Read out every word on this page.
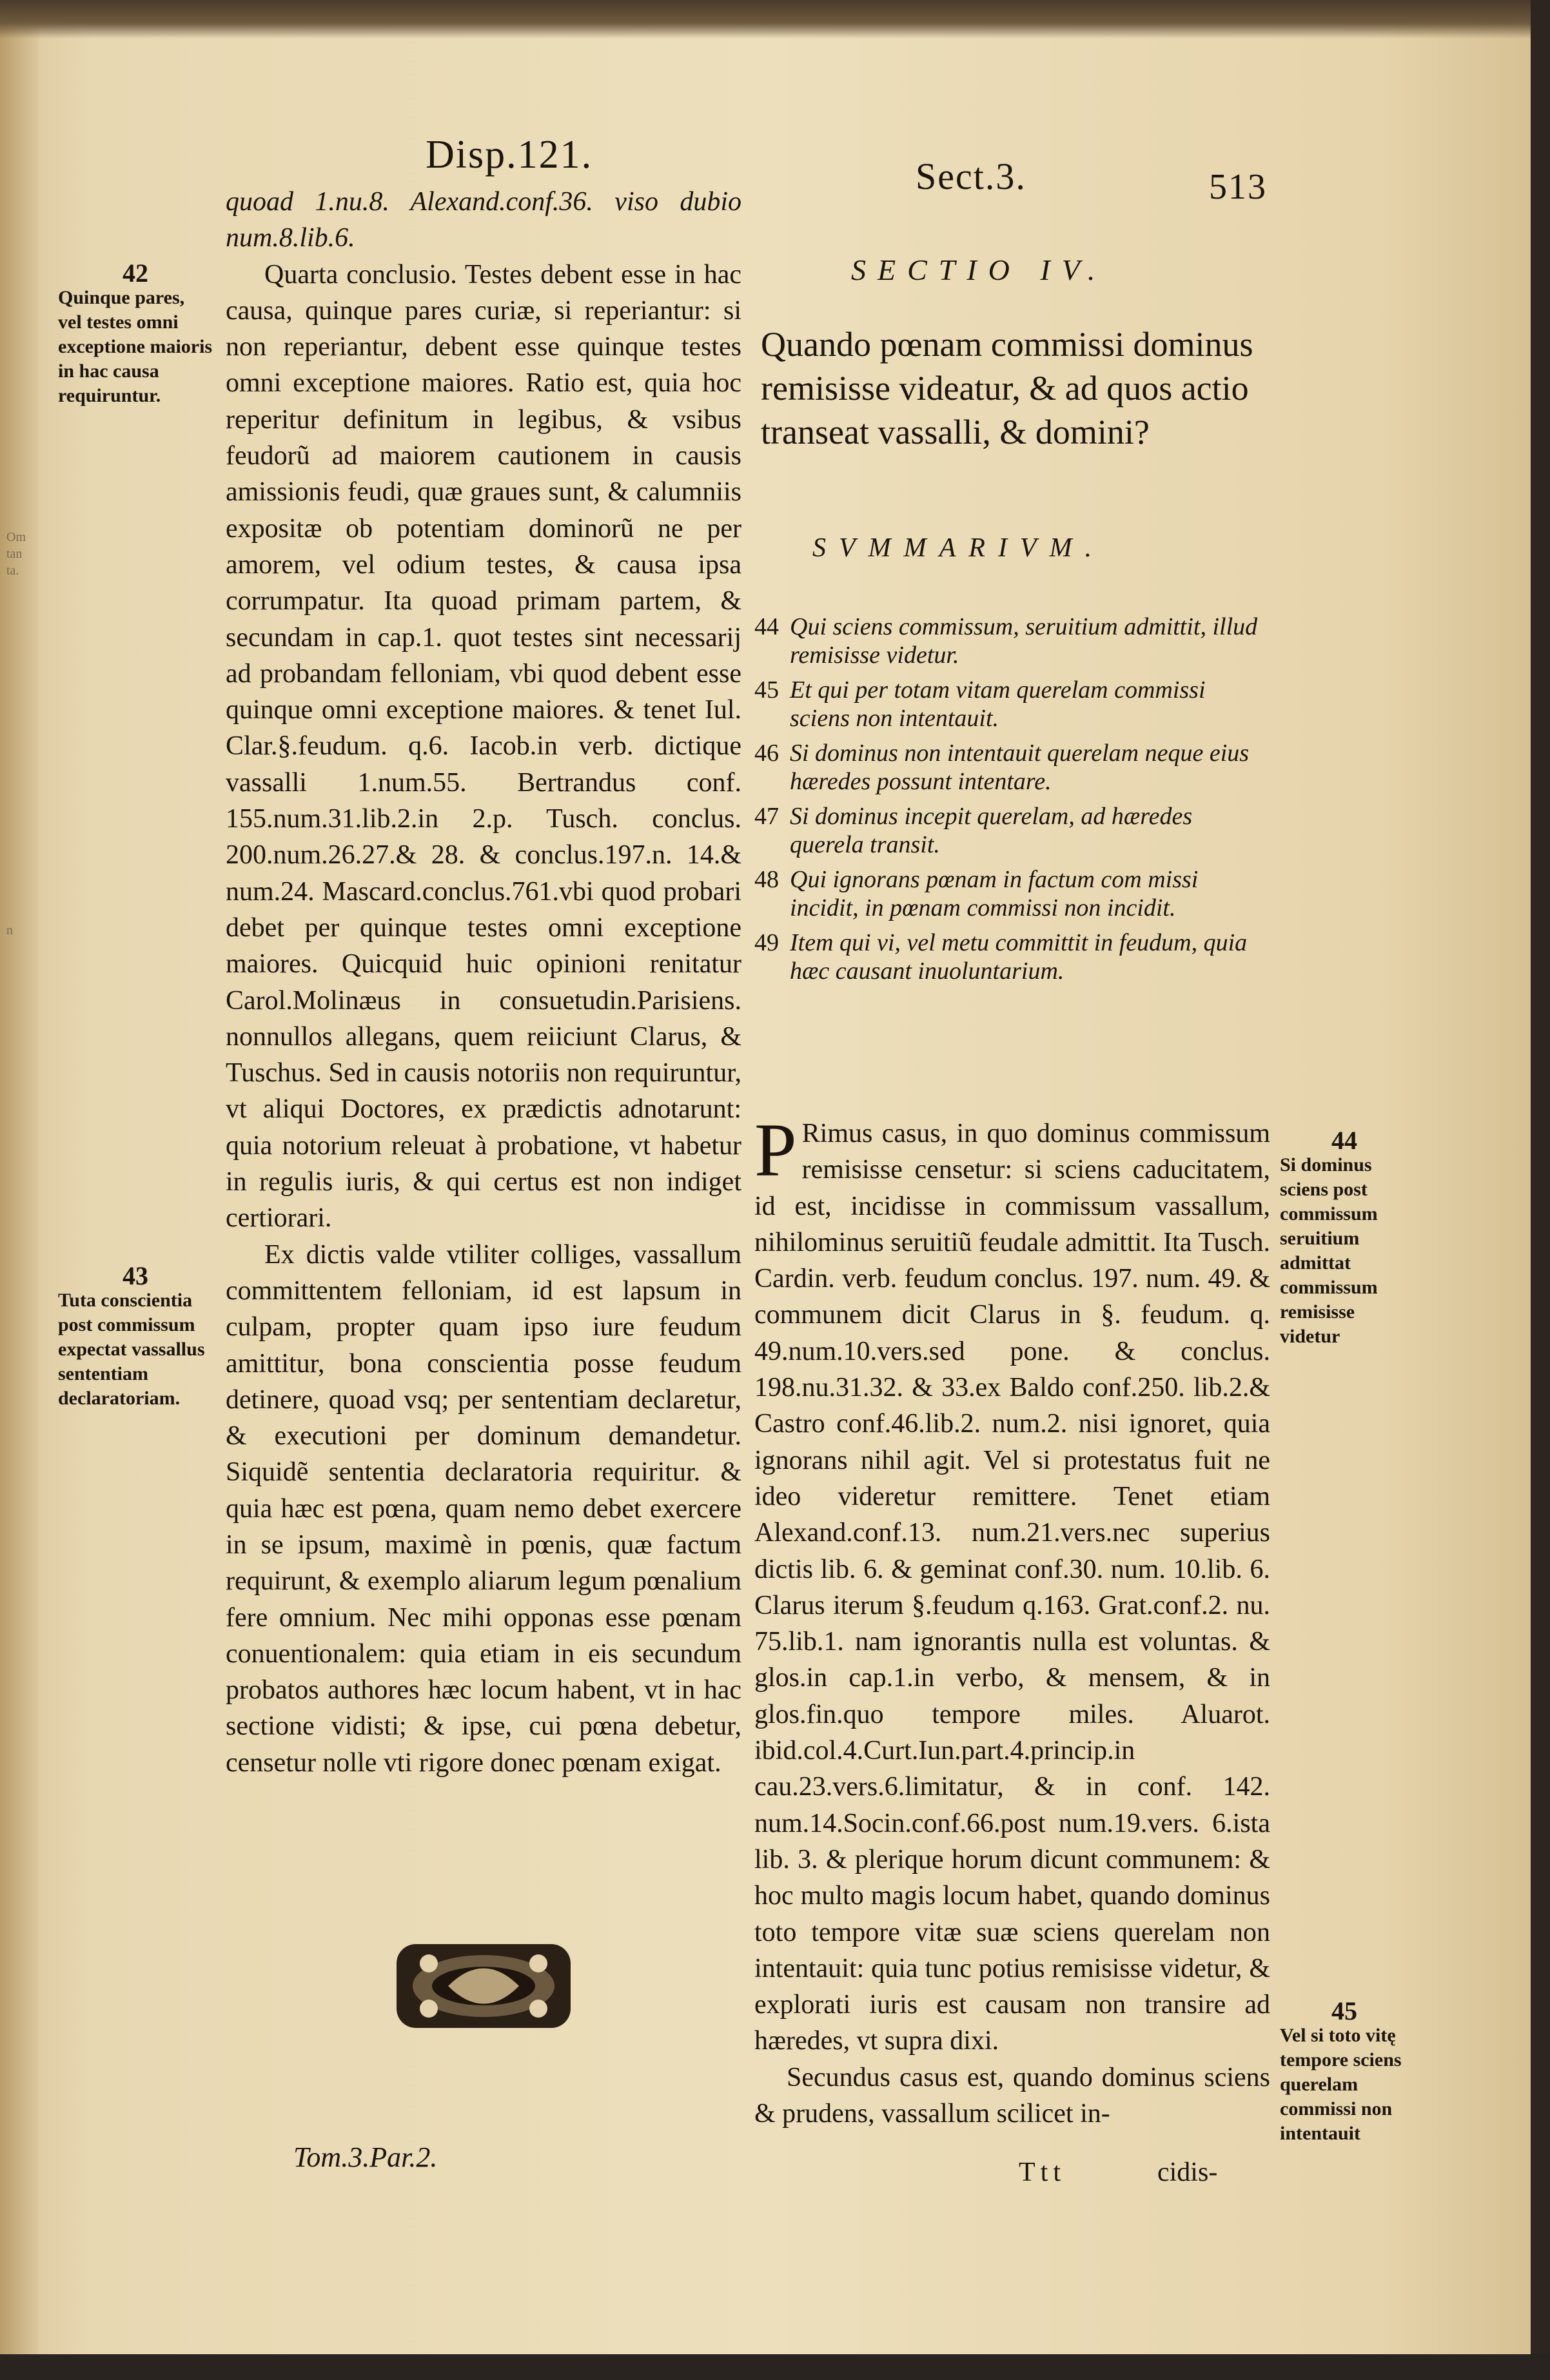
Om tan ta.
n
Disp.121.	Sect.3.	513
42
Quinque pares, vel testes omni exceptione maioris in hac causa requiruntur.
43
Tuta conscientia post commissum expectat vassallus sententiam declaratoriam.

quoad 1.nu.8. Alexand.conf.36. viso dubio num.8.lib.6.

Quarta conclusio. Testes debent esse in hac causa, quinque pares curiæ, si reperiantur: si non reperiantur, debent esse quinque testes omni exceptione maiores. Ratio est, quia hoc reperitur definitum in legibus, & vsibus feudorũ ad maiorem cautionem in causis amissionis feudi, quæ graues sunt, & calumniis expositæ ob potentiam dominorũ ne per amorem, vel odium testes, & causa ipsa corrumpatur. Ita quoad primam partem, & secundam in cap.1. quot testes sint necessarij ad probandam felloniam, vbi quod debent esse quinque omni exceptione maiores. & tenet Iul. Clar.§.feudum. q.6. Iacob.in verb. dictique vassalli 1.num.55. Bertrandus conf. 155.num.31.lib.2.in 2.p. Tusch. conclus. 200.num.26.27.& 28. & conclus.197.n. 14.& num.24. Mascard.conclus.761.vbi quod probari debet per quinque testes omni exceptione maiores. Quicquid huic opinioni renitatur Carol.Molinæus in consuetudin.Parisiens. nonnullos allegans, quem reiiciunt Clarus, & Tuschus. Sed in causis notoriis non requiruntur, vt aliqui Doctores, ex prædictis adnotarunt: quia notorium releuat à probatione, vt habetur in regulis iuris, & qui certus est non indiget certiorari.

Ex dictis valde vtiliter colliges, vassallum committentem felloniam, id est lapsum in culpam, propter quam ipso iure feudum amittitur, bona conscientia posse feudum detinere, quoad vsq; per sententiam declaretur, & executioni per dominum demandetur. Siquidẽ sententia declaratoria requiritur. & quia hæc est pœna, quam nemo debet exercere in se ipsum, maximè in pœnis, quæ factum requirunt, & exemplo aliarum legum pœnalium fere omnium. Nec mihi opponas esse pœnam conuentionalem: quia etiam in eis secundum probatos authores hæc locum habent, vt in hac sectione vidisti; & ipse, cui pœna debetur, censetur nolle vti rigore donec pœnam exigat.

SECTIO IV.
Quando pœnam commissi dominus remisisse videatur, & ad quos actio transeat vassalli, & domini?
SVMMARIVM.
44 Qui sciens commissum, seruitium admittit, illud remisisse videtur.
45 Et qui per totam vitam querelam commissi sciens non intentauit.
46 Si dominus non intentauit querelam neque eius hæredes possunt intentare.
47 Si dominus incepit querelam, ad hæredes querela transit.
48 Qui ignorans pœnam in factum com missi incidit, in pœnam commissi non incidit.
49 Item qui vi, vel metu committit in feudum, quia hæc causant inuoluntarium.

P Rimus casus, in quo dominus commissum remisisse censetur: si sciens caducitatem, id est, incidisse in commissum vassallum, nihilominus seruitiũ feudale admittit. Ita Tusch. Cardin. verb. feudum conclus. 197. num. 49. & communem dicit Clarus in §. feudum. q. 49.num.10.vers.sed pone. & conclus. 198.nu.31.32. & 33.ex Baldo conf.250. lib.2.& Castro conf.46.lib.2. num.2. nisi ignoret, quia ignorans nihil agit. Vel si protestatus fuit ne ideo videretur remittere. Tenet etiam Alexand.conf.13. num.21.vers.nec superius dictis lib. 6. & geminat conf.30. num. 10.lib. 6. Clarus iterum §.feudum q.163. Grat.conf.2. nu. 75.lib.1. nam ignorantis nulla est voluntas. & glos.in cap.1.in verbo, & mensem, & in glos.fin.quo tempore miles. Aluarot. ibid.col.4.Curt.Iun.part.4.princip.in cau.23.vers.6.limitatur, & in conf. 142. num.14.Socin.conf.66.post num.19.vers. 6.ista lib. 3. & plerique horum dicunt communem: & hoc multo magis locum habet, quando dominus toto tempore vitæ suæ sciens querelam non intentauit: quia tunc potius remisisse videtur, & explorati iuris est causam non transire ad hæredes, vt supra dixi.

Secundus casus est, quando dominus sciens & prudens, vassallum scilicet in-

44
Si dominus sciens post commissum seruitium admittat commissum remisisse videtur
45
Vel si toto vitę tempore sciens querelam commissi non intentauit
Tom.3.Par.2.	Ttt	cidis-
